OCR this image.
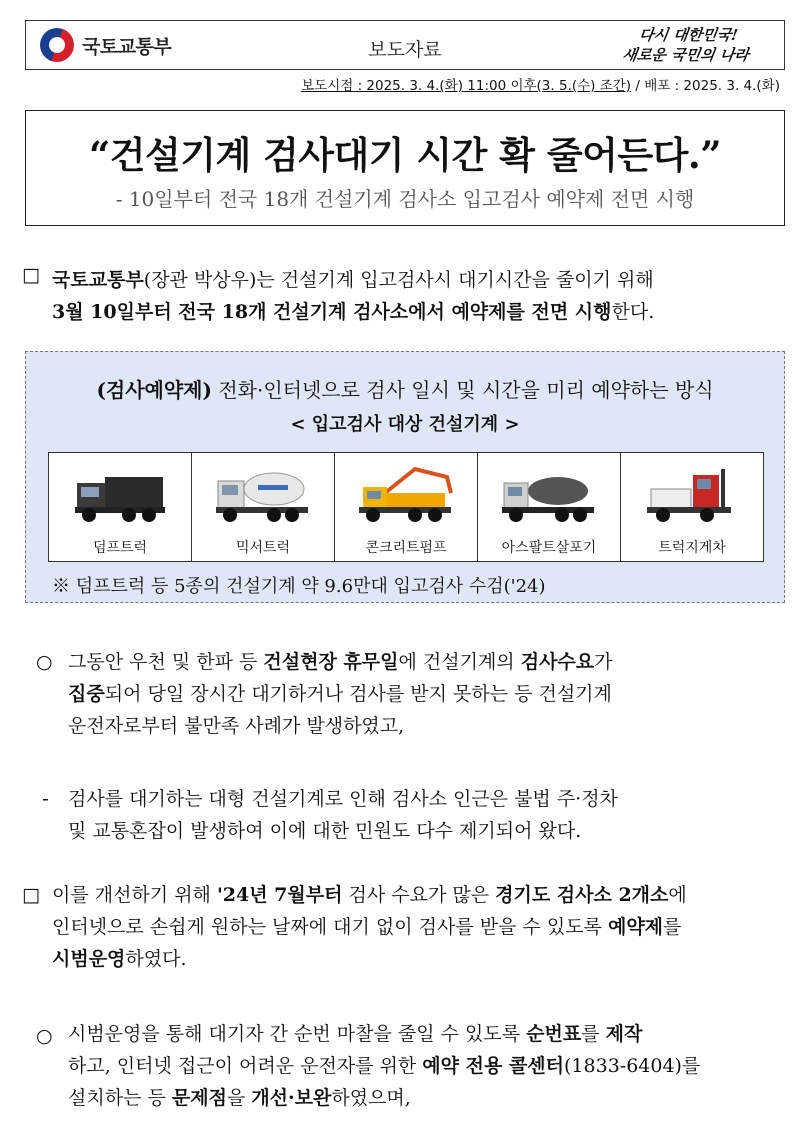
국토교통부	보도자료
다시 대한민국!
새로운 국민의 나라
보도시점 : 2025. 3. 4.(화) 11:00 이후(3. 5.(수) 조간) / 배포 : 2025. 3. 4.(화)
“건설기계 검사대기 시간 확 줄어든다.”
- 10일부터 전국 18개 건설기계 검사소 입고검사 예약제 전면 시행
□ 국토교통부(장관 박상우)는 건설기계 입고검사시 대기시간을 줄이기 위해
3월 10일부터 전국 18개 건설기계 검사소에서 예약제를 전면 시행한다.
(검사예약제) 전화·인터넷으로 검사 일시 및 시간을 미리 예약하는 방식
< 입고검사 대상 건설기계 >
덤프트럭	믹서트럭	콘크리트펌프	아스팔트살포기	트럭지게차
※ 덤프트럭 등 5종의 건설기계 약 9.6만대 입고검사 수검('24)
○ 그동안 우천 및 한파 등 건설현장 휴무일에 건설기계의 검사수요가
집중되어 당일 장시간 대기하거나 검사를 받지 못하는 등 건설기계
운전자로부터 불만족 사례가 발생하였고,
- 검사를 대기하는 대형 건설기계로 인해 검사소 인근은 불법 주·정차
및 교통혼잡이 발생하여 이에 대한 민원도 다수 제기되어 왔다.
□ 이를 개선하기 위해 '24년 7월부터 검사 수요가 많은 경기도 검사소 2개소에
인터넷으로 손쉽게 원하는 날짜에 대기 없이 검사를 받을 수 있도록 예약제를
시범운영하였다.
○ 시범운영을 통해 대기자 간 순번 마찰을 줄일 수 있도록 순번표를 제작
하고, 인터넷 접근이 어려운 운전자를 위한 예약 전용 콜센터(1833-6404)를
설치하는 등 문제점을 개선·보완하였으며,
